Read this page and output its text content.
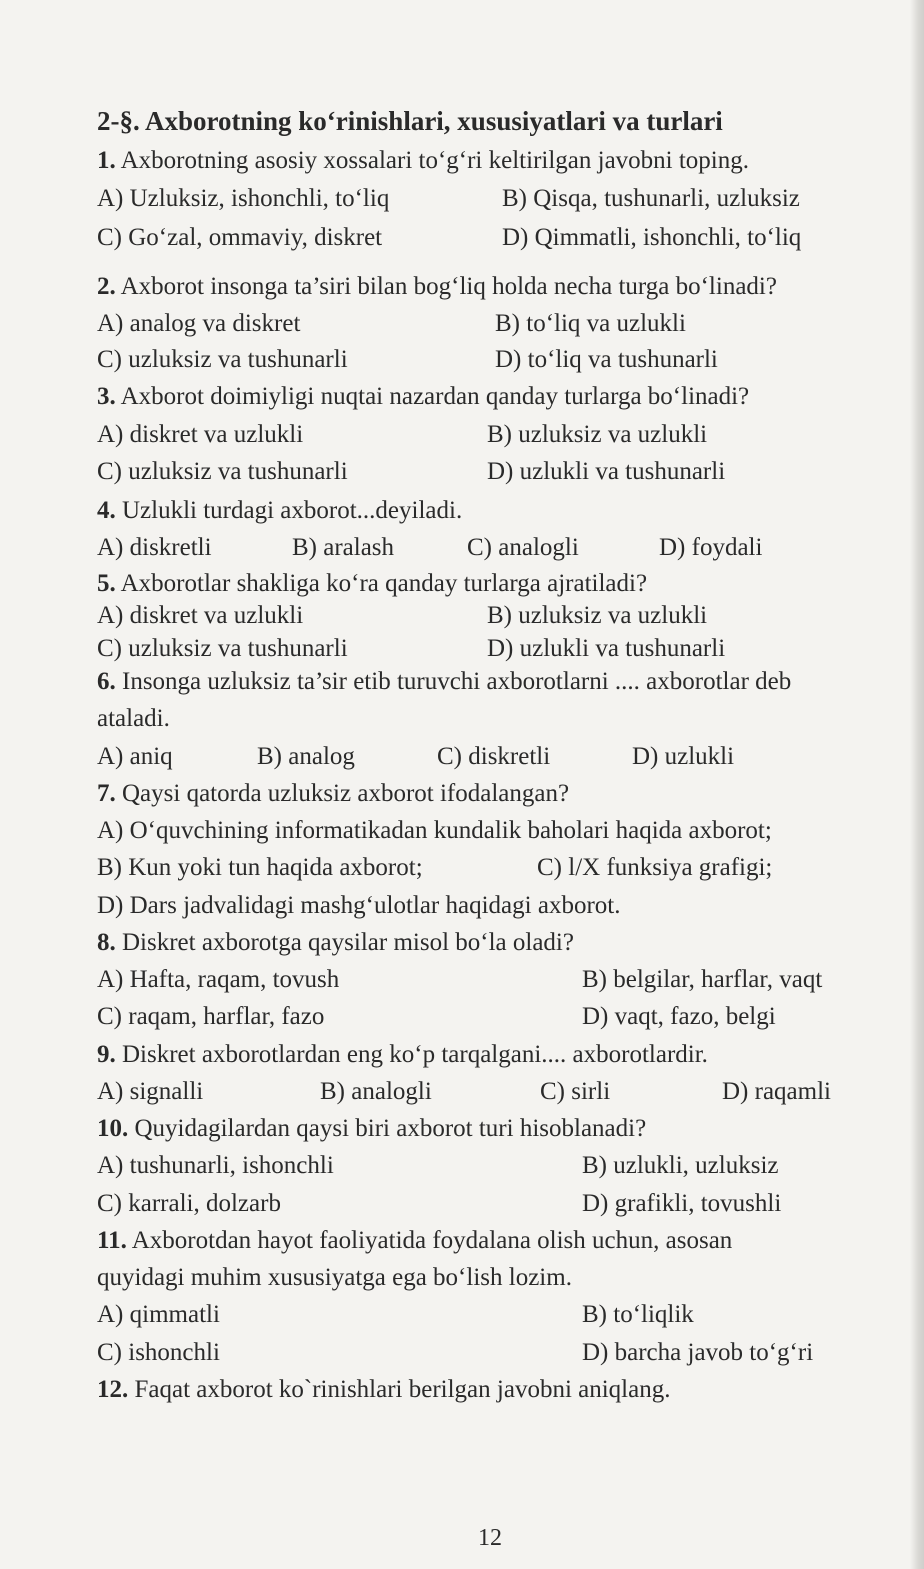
2-§. Axborotning ko‘rinishlari, xususiyatlari va turlari
1. Axborotning asosiy xossalari to‘g‘ri keltirilgan javobni toping.
A) Uzluksiz, ishonchli, to‘liq	B) Qisqa, tushunarli, uzluksiz
C) Go‘zal, ommaviy, diskret	D) Qimmatli, ishonchli, to‘liq
2. Axborot insonga ta’siri bilan bog‘liq holda necha turga bo‘linadi?
A) analog va diskret	B) to‘liq va uzlukli
C) uzluksiz va tushunarli	D) to‘liq va tushunarli
3. Axborot doimiyligi nuqtai nazardan qanday turlarga bo‘linadi?
A) diskret va uzlukli	B) uzluksiz va uzlukli
C) uzluksiz va tushunarli	D) uzlukli va tushunarli
4. Uzlukli turdagi axborot...deyiladi.
A) diskretli	B) aralash	C) analogli	D) foydali
5. Axborotlar shakliga ko‘ra qanday turlarga ajratiladi?
A) diskret va uzlukli	B) uzluksiz va uzlukli
C) uzluksiz va tushunarli	D) uzlukli va tushunarli
6. Insonga uzluksiz ta’sir etib turuvchi axborotlarni .... axborotlar deb
ataladi.
A) aniq	B) analog	C) diskretli	D) uzlukli
7. Qaysi qatorda uzluksiz axborot ifodalangan?
A) O‘quvchining informatikadan kundalik baholari haqida axborot;
B) Kun yoki tun haqida axborot;	C) l/X funksiya grafigi;
D) Dars jadvalidagi mashg‘ulotlar haqidagi axborot.
8. Diskret axborotga qaysilar misol bo‘la oladi?
A) Hafta, raqam, tovush	B) belgilar, harflar, vaqt
C) raqam, harflar, fazo	D) vaqt, fazo, belgi
9. Diskret axborotlardan eng ko‘p tarqalgani.... axborotlardir.
A) signalli	B) analogli	C) sirli	D) raqamli
10. Quyidagilardan qaysi biri axborot turi hisoblanadi?
A) tushunarli, ishonchli	B) uzlukli, uzluksiz
C) karrali, dolzarb	D) grafikli, tovushli
11. Axborotdan hayot faoliyatida foydalana olish uchun, asosan
quyidagi muhim xususiyatga ega bo‘lish lozim.
A) qimmatli	B) to‘liqlik
C) ishonchli	D) barcha javob to‘g‘ri
12. Faqat axborot ko`rinishlari berilgan javobni aniqlang.
12
